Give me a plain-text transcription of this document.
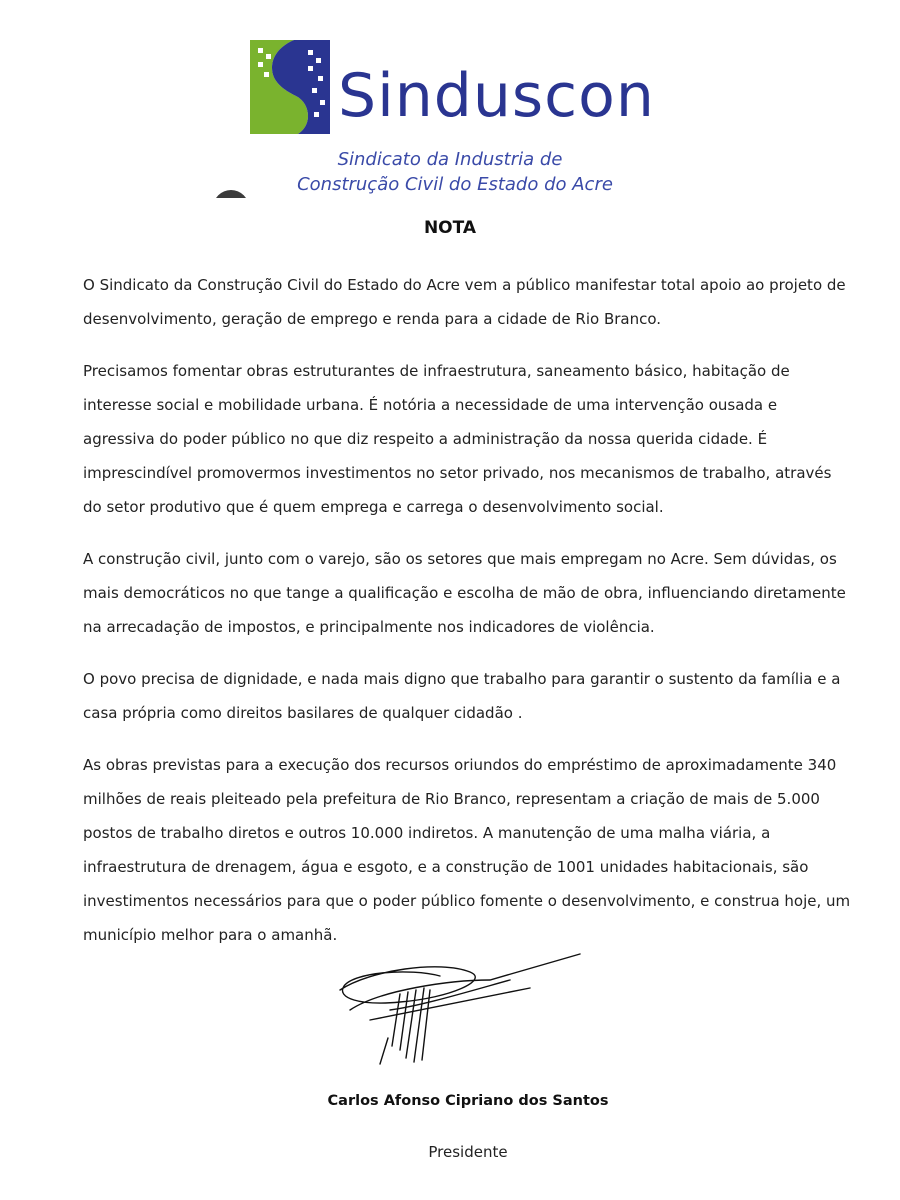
Sinduscon
Sindicato da Industria de
Construção Civil do Estado do Acre
NOTA

O Sindicato da Construção Civil do Estado do Acre vem a público manifestar total apoio ao projeto de desenvolvimento, geração de emprego e renda para a cidade de Rio Branco.

Precisamos fomentar obras estruturantes de infraestrutura, saneamento básico, habitação de interesse social e mobilidade urbana. É notória a necessidade de uma intervenção ousada e agressiva do poder público no que diz respeito a administração da nossa querida cidade. É imprescindível promovermos investimentos no setor privado, nos mecanismos de trabalho, através do setor produtivo que é quem emprega e carrega o desenvolvimento social.

A construção civil, junto com o varejo, são os setores que mais empregam no Acre. Sem dúvidas, os mais democráticos no que tange a qualificação e escolha de mão de obra, influenciando diretamente na arrecadação de impostos, e principalmente nos indicadores de violência.

O povo precisa de dignidade, e nada mais digno que trabalho para garantir o sustento da família e a casa própria como direitos basilares de qualquer cidadão .

As obras previstas para a execução dos recursos oriundos do empréstimo de aproximadamente 340 milhões de reais pleiteado pela prefeitura de Rio Branco, representam a criação de mais de 5.000 postos de trabalho diretos e outros 10.000 indiretos. A manutenção de uma malha viária, a infraestrutura de drenagem, água e esgoto, e a construção de 1001 unidades habitacionais, são investimentos necessários para que o poder público fomente o desenvolvimento, e construa hoje, um município melhor para o amanhã.

Carlos Afonso Cipriano dos Santos
Presidente
